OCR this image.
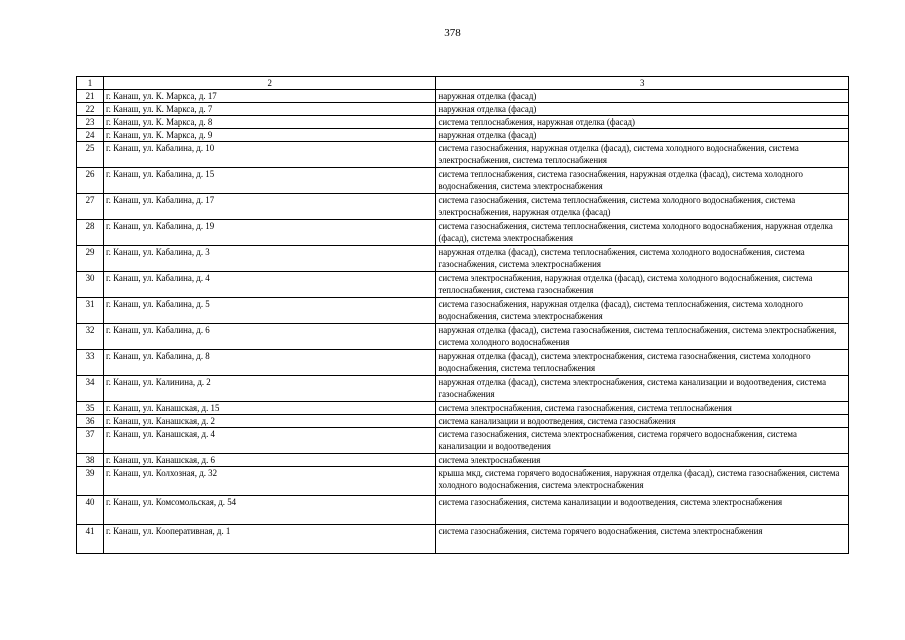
378
1	2	3
21	г. Канаш, ул. К. Маркса, д. 17	наружная отделка (фасад)
22	г. Канаш, ул. К. Маркса, д. 7	наружная отделка (фасад)
23	г. Канаш, ул. К. Маркса, д. 8	система теплоснабжения, наружная отделка (фасад)
24	г. Канаш, ул. К. Маркса, д. 9	наружная отделка (фасад)
25	г. Канаш, ул. Кабалина, д. 10	система газоснабжения, наружная отделка (фасад), система холодного водоснабжения, система электроснабжения, система теплоснабжения
26	г. Канаш, ул. Кабалина, д. 15	система теплоснабжения, система газоснабжения, наружная отделка (фасад), система холодного водоснабжения, система электроснабжения
27	г. Канаш, ул. Кабалина, д. 17	система газоснабжения, система теплоснабжения, система холодного водоснабжения, система электроснабжения, наружная отделка (фасад)
28	г. Канаш, ул. Кабалина, д. 19	система газоснабжения, система теплоснабжения, система холодного водоснабжения, наружная отделка (фасад), система электроснабжения
29	г. Канаш, ул. Кабалина, д. 3	наружная отделка (фасад), система теплоснабжения, система холодного водоснабжения, система газоснабжения, система электроснабжения
30	г. Канаш, ул. Кабалина, д. 4	система электроснабжения, наружная отделка (фасад), система холодного водоснабжения, система теплоснабжения, система газоснабжения
31	г. Канаш, ул. Кабалина, д. 5	система газоснабжения, наружная отделка (фасад), система теплоснабжения, система холодного водоснабжения, система электроснабжения
32	г. Канаш, ул. Кабалина, д. 6	наружная отделка (фасад), система газоснабжения, система теплоснабжения, система электроснабжения, система холодного водоснабжения
33	г. Канаш, ул. Кабалина, д. 8	наружная отделка (фасад), система электроснабжения, система газоснабжения, система холодного водоснабжения, система теплоснабжения
34	г. Канаш, ул. Калинина, д. 2	наружная отделка (фасад), система электроснабжения, система канализации и водоотведения, система газоснабжения
35	г. Канаш, ул. Канашская, д. 15	система электроснабжения, система газоснабжения, система теплоснабжения
36	г. Канаш, ул. Канашская, д. 2	система канализации и водоотведения, система газоснабжения
37	г. Канаш, ул. Канашская, д. 4	система газоснабжения, система электроснабжения, система горячего водоснабжения, система канализации и водоотведения
38	г. Канаш, ул. Канашская, д. 6	система электроснабжения
39	г. Канаш, ул. Колхозная, д. 32	крыша мкд, система горячего водоснабжения, наружная отделка (фасад), система газоснабжения, система холодного водоснабжения, система электроснабжения
40	г. Канаш, ул. Комсомольская, д. 54	система газоснабжения, система канализации и водоотведения, система электроснабжения
41	г. Канаш, ул. Кооперативная, д. 1	система газоснабжения, система горячего водоснабжения, система электроснабжения
